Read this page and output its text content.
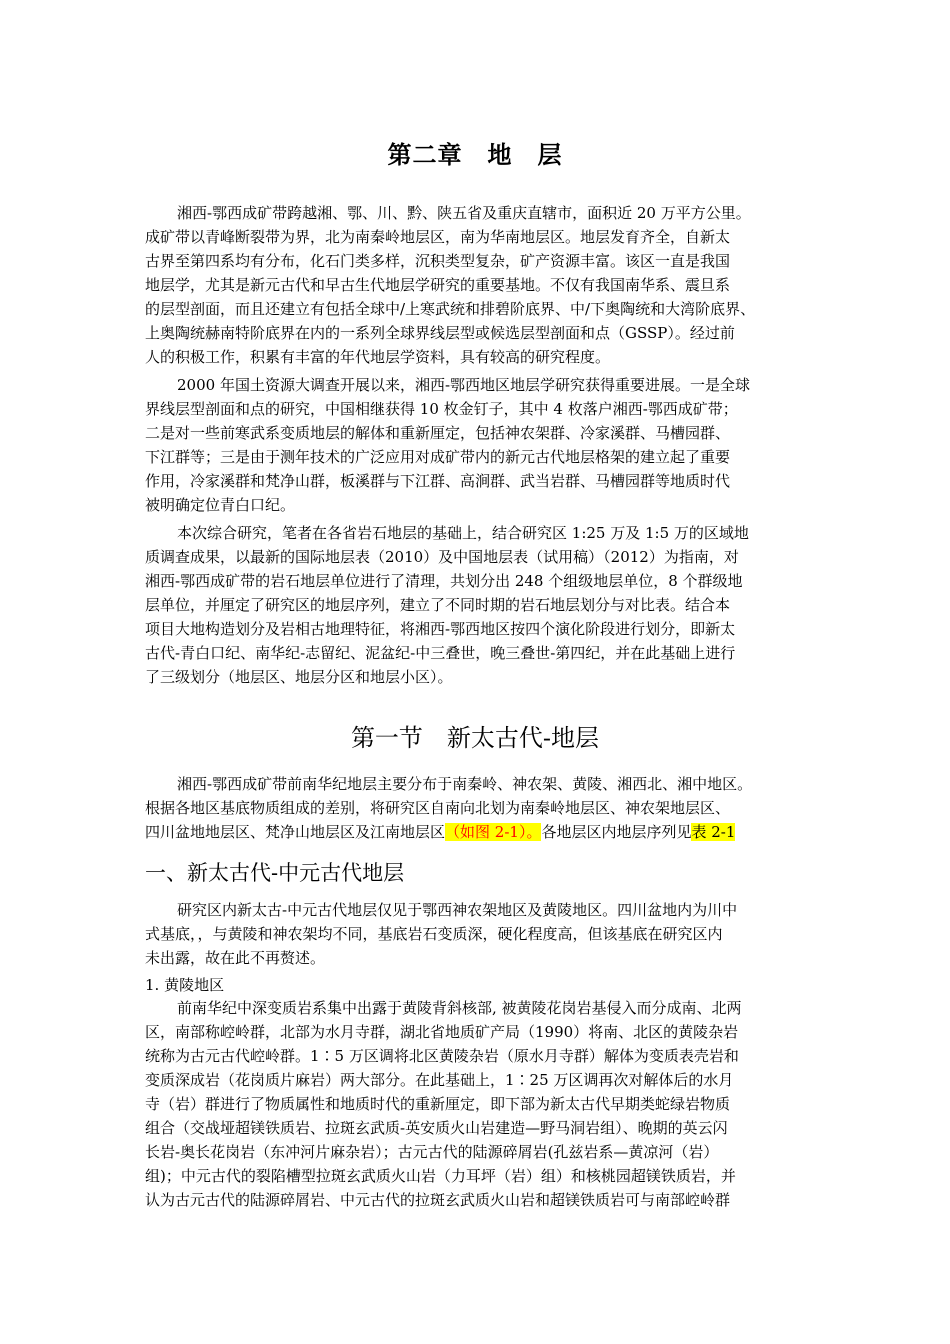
第二章　地　层
湘西-鄂西成矿带跨越湘、鄂、川、黔、陕五省及重庆直辖市，面积近 20 万平方公里。
成矿带以青峰断裂带为界，北为南秦岭地层区，南为华南地层区。地层发育齐全，自新太
古界至第四系均有分布，化石门类多样，沉积类型复杂，矿产资源丰富。该区一直是我国
地层学，尤其是新元古代和早古生代地层学研究的重要基地。不仅有我国南华系、震旦系
的层型剖面，而且还建立有包括全球中/上寒武统和排碧阶底界、中/下奥陶统和大湾阶底界、
上奥陶统赫南特阶底界在内的一系列全球界线层型或候选层型剖面和点（GSSP）。经过前
人的积极工作，积累有丰富的年代地层学资料，具有较高的研究程度。
2000 年国土资源大调查开展以来，湘西-鄂西地区地层学研究获得重要进展。一是全球
界线层型剖面和点的研究，中国相继获得 10 枚金钉子，其中 4 枚落户湘西-鄂西成矿带；
二是对一些前寒武系变质地层的解体和重新厘定，包括神农架群、冷家溪群、马槽园群、
下江群等；三是由于测年技术的广泛应用对成矿带内的新元古代地层格架的建立起了重要
作用，冷家溪群和梵净山群，板溪群与下江群、高涧群、武当岩群、马槽园群等地质时代
被明确定位青白口纪。
本次综合研究，笔者在各省岩石地层的基础上，结合研究区 1:25 万及 1:5 万的区域地
质调查成果，以最新的国际地层表（2010）及中国地层表（试用稿）（2012）为指南，对
湘西-鄂西成矿带的岩石地层单位进行了清理，共划分出 248 个组级地层单位，8 个群级地
层单位，并厘定了研究区的地层序列，建立了不同时期的岩石地层划分与对比表。结合本
项目大地构造划分及岩相古地理特征，将湘西-鄂西地区按四个演化阶段进行划分，即新太
古代-青白口纪、南华纪-志留纪、泥盆纪-中三叠世，晚三叠世-第四纪，并在此基础上进行
了三级划分（地层区、地层分区和地层小区）。
第一节　新太古代-地层
湘西-鄂西成矿带前南华纪地层主要分布于南秦岭、神农架、黄陵、湘西北、湘中地区。
根据各地区基底物质组成的差别，将研究区自南向北划为南秦岭地层区、神农架地层区、
四川盆地地层区、梵净山地层区及江南地层区（如图 2-1）。各地层区内地层序列见表 2-1
一、新太古代-中元古代地层
研究区内新太古-中元古代地层仅见于鄂西神农架地区及黄陵地区。四川盆地内为川中
式基底，，与黄陵和神农架均不同，基底岩石变质深，硬化程度高，但该基底在研究区内
未出露，故在此不再赘述。
1. 黄陵地区
前南华纪中深变质岩系集中出露于黄陵背斜核部, 被黄陵花岗岩基侵入而分成南、北两
区，南部称崆岭群，北部为水月寺群，湖北省地质矿产局（1990）将南、北区的黄陵杂岩
统称为古元古代崆岭群。1∶5 万区调将北区黄陵杂岩（原水月寺群）解体为变质表壳岩和
变质深成岩（花岗质片麻岩）两大部分。在此基础上，1∶25 万区调再次对解体后的水月
寺（岩）群进行了物质属性和地质时代的重新厘定，即下部为新太古代早期类蛇绿岩物质
组合（交战垭超镁铁质岩、拉斑玄武质-英安质火山岩建造—野马洞岩组）、晚期的英云闪
长岩-奥长花岗岩（东冲河片麻杂岩）；古元古代的陆源碎屑岩(孔兹岩系—黄凉河（岩）
组)；中元古代的裂陷槽型拉斑玄武质火山岩（力耳坪（岩）组）和核桃园超镁铁质岩，并
认为古元古代的陆源碎屑岩、中元古代的拉斑玄武质火山岩和超镁铁质岩可与南部崆岭群
